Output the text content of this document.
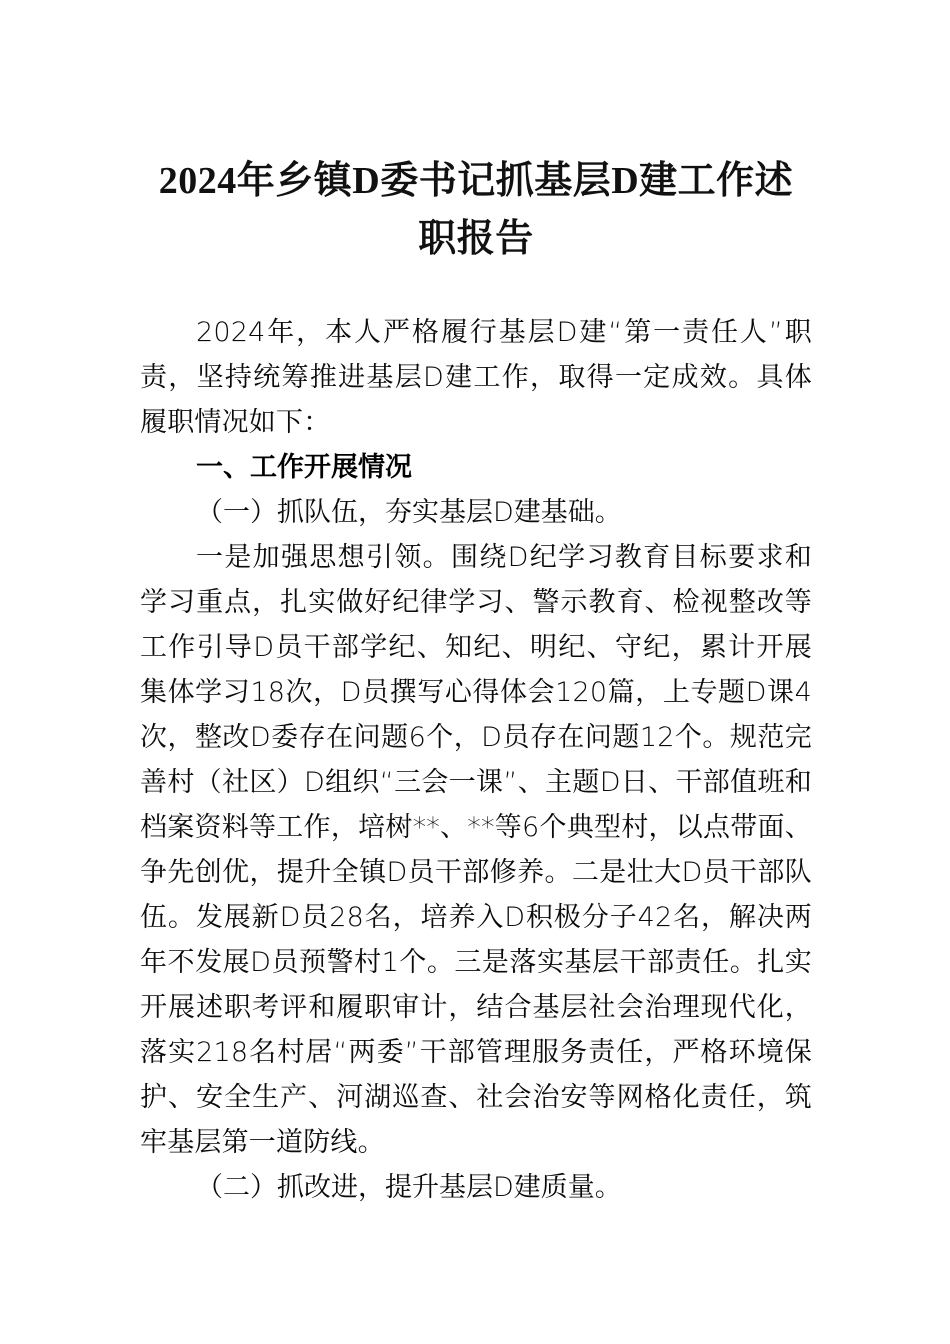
2024年乡镇D委书记抓基层D建工作述职报告

2024年，本人严格履行基层D建“第一责任人”职责，坚持统筹推进基层D建工作，取得一定成效。具体履职情况如下：

一、工作开展情况
（一）抓队伍，夯实基层D建基础。

一是加强思想引领。围绕D纪学习教育目标要求和学习重点，扎实做好纪律学习、警示教育、检视整改等工作引导D员干部学纪、知纪、明纪、守纪，累计开展集体学习18次，D员撰写心得体会120篇，上专题D课4次，整改D委存在问题6个，D员存在问题12个。规范完善村（社区）D组织“三会一课”、主题D日、干部值班和档案资料等工作，培树**、**等6个典型村，以点带面、争先创优，提升全镇D员干部修养。二是壮大D员干部队伍。发展新D员28名，培养入D积极分子42名，解决两年不发展D员预警村1个。三是落实基层干部责任。扎实开展述职考评和履职审计，结合基层社会治理现代化，落实218名村居“两委”干部管理服务责任，严格环境保护、安全生产、河湖巡查、社会治安等网格化责任，筑牢基层第一道防线。

（二）抓改进，提升基层D建质量。
